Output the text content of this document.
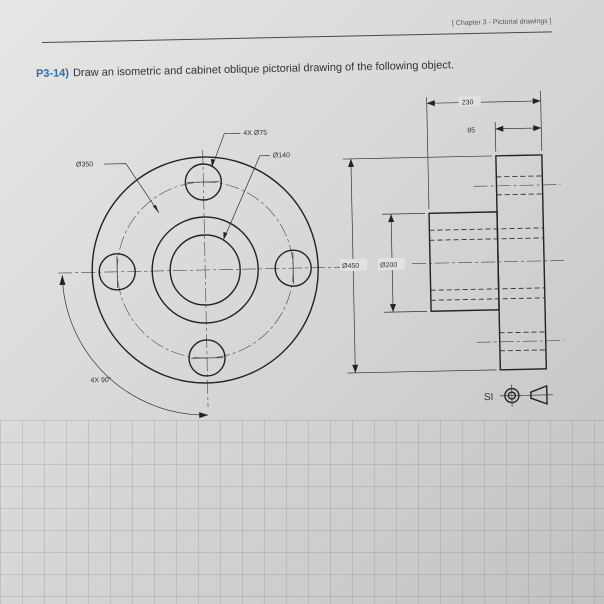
[ Chapter 3 - Pictorial drawings ]
P3-14) Draw an isometric and cabinet oblique pictorial drawing of the following object.
Ø350
4X Ø75
Ø140
4X 90°
230
85
Ø450	Ø200
SI
